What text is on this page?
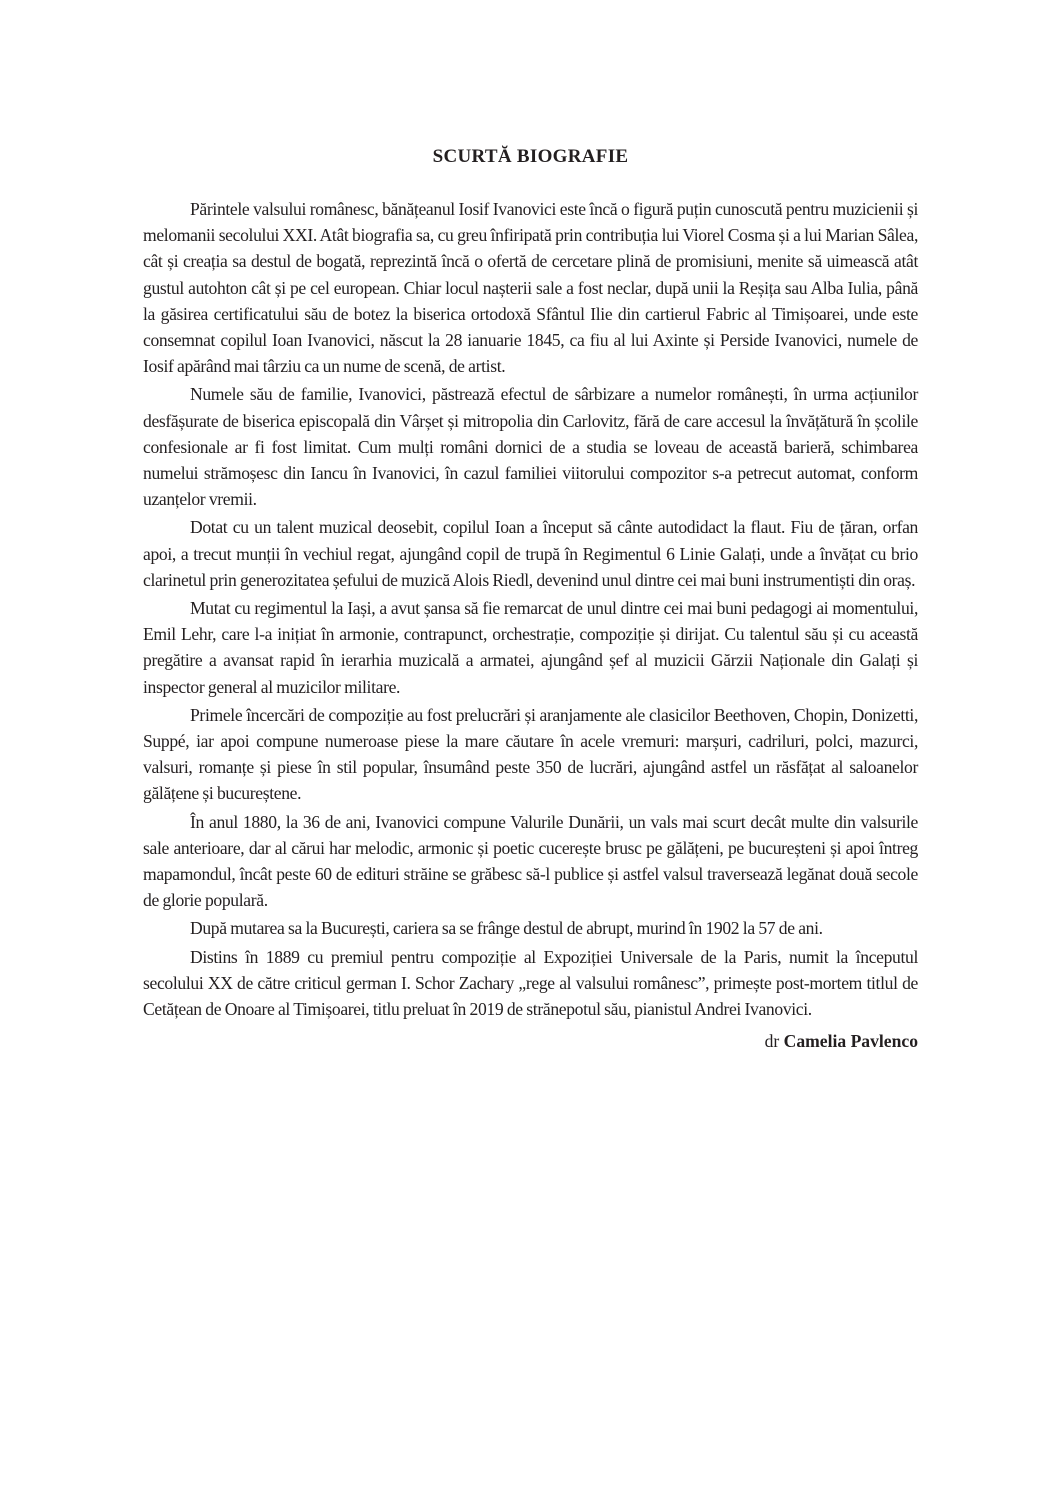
SCURTĂ BIOGRAFIE

Părintele valsului românesc, bănățeanul Iosif Ivanovici este încă o figură puțin cunoscută pentru muzicienii și melomanii secolului XXI. Atât biografia sa, cu greu înfiripată prin contribuția lui Viorel Cosma și a lui Marian Sâlea, cât și creația sa destul de bogată, reprezintă încă o ofertă de cercetare plină de promisiuni, menite să uimească atât gustul autohton cât și pe cel european. Chiar locul nașterii sale a fost neclar, după unii la Reșița sau Alba Iulia, până la găsirea certificatului său de botez la biserica ortodoxă Sfântul Ilie din cartierul Fabric al Timișoarei, unde este consemnat copilul Ioan Ivanovici, născut la 28 ianuarie 1845, ca fiu al lui Axinte și Perside Ivanovici, numele de Iosif apărând mai târziu ca un nume de scenă, de artist.

Numele său de familie, Ivanovici, păstrează efectul de sârbizare a numelor românești, în urma acțiunilor desfășurate de biserica episcopală din Vârșet și mitropolia din Carlovitz, fără de care accesul la învățătură în școlile confesionale ar fi fost limitat. Cum mulți români dornici de a studia se loveau de această barieră, schimbarea numelui strămoșesc din Iancu în Ivanovici, în cazul familiei viitorului compozitor s-a petrecut automat, conform uzanțelor vremii.

Dotat cu un talent muzical deosebit, copilul Ioan a început să cânte autodidact la flaut. Fiu de țăran, orfan apoi, a trecut munții în vechiul regat, ajungând copil de trupă în Regimentul 6 Linie Galați, unde a învățat cu brio clarinetul prin generozitatea șefului de muzică Alois Riedl, devenind unul dintre cei mai buni instrumentiști din oraș.

Mutat cu regimentul la Iași, a avut șansa să fie remarcat de unul dintre cei mai buni pedagogi ai momentului, Emil Lehr, care l-a inițiat în armonie, contrapunct, orchestrație, compoziție și dirijat. Cu talentul său și cu această pregătire a avansat rapid în ierarhia muzicală a armatei, ajungând șef al muzicii Gărzii Naționale din Galați și inspector general al muzicilor militare.

Primele încercări de compoziție au fost prelucrări și aranjamente ale clasicilor Beethoven, Chopin, Donizetti, Suppé, iar apoi compune numeroase piese la mare căutare în acele vremuri: marșuri, cadriluri, polci, mazurci, valsuri, romanțe și piese în stil popular, însumând peste 350 de lucrări, ajungând astfel un răsfățat al saloanelor gălățene și bucureștene.

În anul 1880, la 36 de ani, Ivanovici compune Valurile Dunării, un vals mai scurt decât multe din valsurile sale anterioare, dar al cărui har melodic, armonic și poetic cucerește brusc pe gălățeni, pe bucureșteni și apoi întreg mapamondul, încât peste 60 de edituri străine se grăbesc să-l publice și astfel valsul traversează legănat două secole de glorie populară.

După mutarea sa la București, cariera sa se frânge destul de abrupt, murind în 1902 la 57 de ani.

Distins în 1889 cu premiul pentru compoziție al Expoziției Universale de la Paris, numit la începutul secolului XX de către criticul german I. Schor Zachary „rege al valsului românesc”, primește post-mortem titlul de Cetățean de Onoare al Timișoarei, titlu preluat în 2019 de strănepotul său, pianistul Andrei Ivanovici.

dr Camelia Pavlenco
